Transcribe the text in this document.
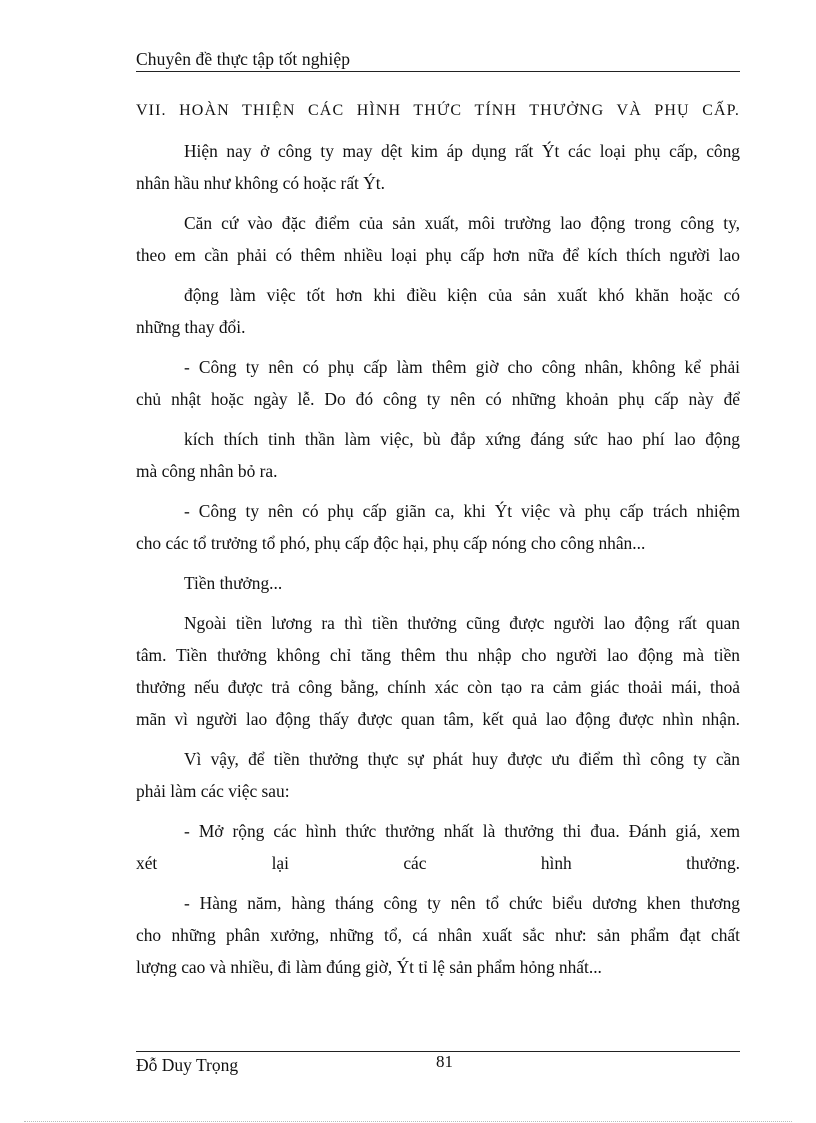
Chuyên đề thực tập tốt nghiệp
VII. HOÀN THIỆN CÁC HÌNH THỨC TÍNH THƯỞNG VÀ PHỤ CẤP.
Hiện nay ở công ty may dệt kim áp dụng rất Ýt các loại phụ cấp, công
nhân hầu như không có hoặc rất Ýt.
Căn cứ vào đặc điểm của sản xuất, môi trường lao động trong công ty,
theo em cần phải có thêm nhiều loại phụ cấp hơn nữa để kích thích người lao
động làm việc tốt hơn khi điều kiện của sản xuất khó khăn hoặc có
những thay đổi.
- Công ty nên có phụ cấp làm thêm giờ cho công nhân, không kể phải
chủ nhật hoặc ngày lễ. Do đó công ty nên có những khoản phụ cấp này để
kích thích tinh thần làm việc, bù đắp xứng đáng sức hao phí lao động
mà công nhân bỏ ra.
- Công ty nên có phụ cấp giãn ca, khi Ýt việc và phụ cấp trách nhiệm
cho các tổ trưởng tổ phó, phụ cấp độc hại, phụ cấp nóng cho công nhân...
Tiền thưởng...
Ngoài tiền lương ra thì tiền thưởng cũng được người lao động rất quan
tâm. Tiền thưởng không chỉ tăng thêm thu nhập cho người lao động mà tiền
thưởng nếu được trả công bằng, chính xác còn tạo ra cảm giác thoải mái, thoả
mãn vì người lao động thấy được quan tâm, kết quả lao động được nhìn nhận.
Vì vậy, để tiền thưởng thực sự phát huy được ưu điểm thì công ty cần
phải làm các việc sau:
- Mở rộng các hình thức thưởng nhất là thưởng thi đua. Đánh giá, xem
xét lại các hình thưởng.
- Hàng năm, hàng tháng công ty nên tổ chức biểu dương khen thương
cho những phân xưởng, những tổ, cá nhân xuất sắc như: sản phẩm đạt chất
lượng cao và nhiều, đi làm đúng giờ, Ýt tỉ lệ sản phẩm hỏng nhất...
Đỗ Duy Trọng	81
